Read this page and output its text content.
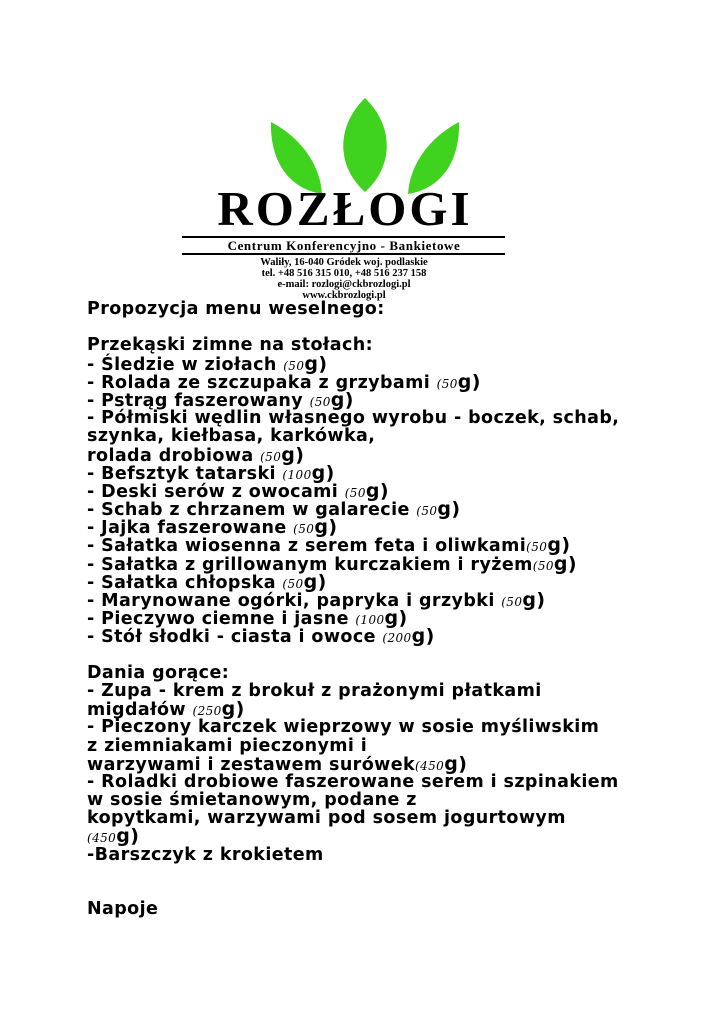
ROZŁOGI
Centrum Konferencyjno - Bankietowe
Waliły, 16-040 Gródek woj. podlaskie
tel. +48 516 315 010, +48 516 237 158
e-mail: rozlogi@ckbrozlogi.pl
www.ckbrozlogi.pl
Propozycja menu weselnego:
Przekąski zimne na stołach:
- Śledzie w ziołach (50g)
- Rolada ze szczupaka z grzybami (50g)
- Pstrąg faszerowany (50g)
- Półmiski wędlin własnego wyrobu - boczek, schab,
szynka, kiełbasa, karkówka,
rolada drobiowa (50g)
- Befsztyk tatarski (100g)
- Deski serów z owocami (50g)
- Schab z chrzanem w galarecie (50g)
- Jajka faszerowane (50g)
- Sałatka wiosenna z serem feta i oliwkami(50g)
- Sałatka z grillowanym kurczakiem i ryżem(50g)
- Sałatka chłopska (50g)
- Marynowane ogórki, papryka i grzybki (50g)
- Pieczywo ciemne i jasne (100g)
- Stół słodki - ciasta i owoce (200g)
Dania gorące:
- Zupa - krem z brokuł z prażonymi płatkami
migdałów (250g)
- Pieczony karczek wieprzowy w sosie myśliwskim
z ziemniakami pieczonymi i
warzywami i zestawem surówek(450g)
- Roladki drobiowe faszerowane serem i szpinakiem
w sosie śmietanowym, podane z
kopytkami, warzywami pod sosem jogurtowym
(450g)
-Barszczyk z krokietem
Napoje
